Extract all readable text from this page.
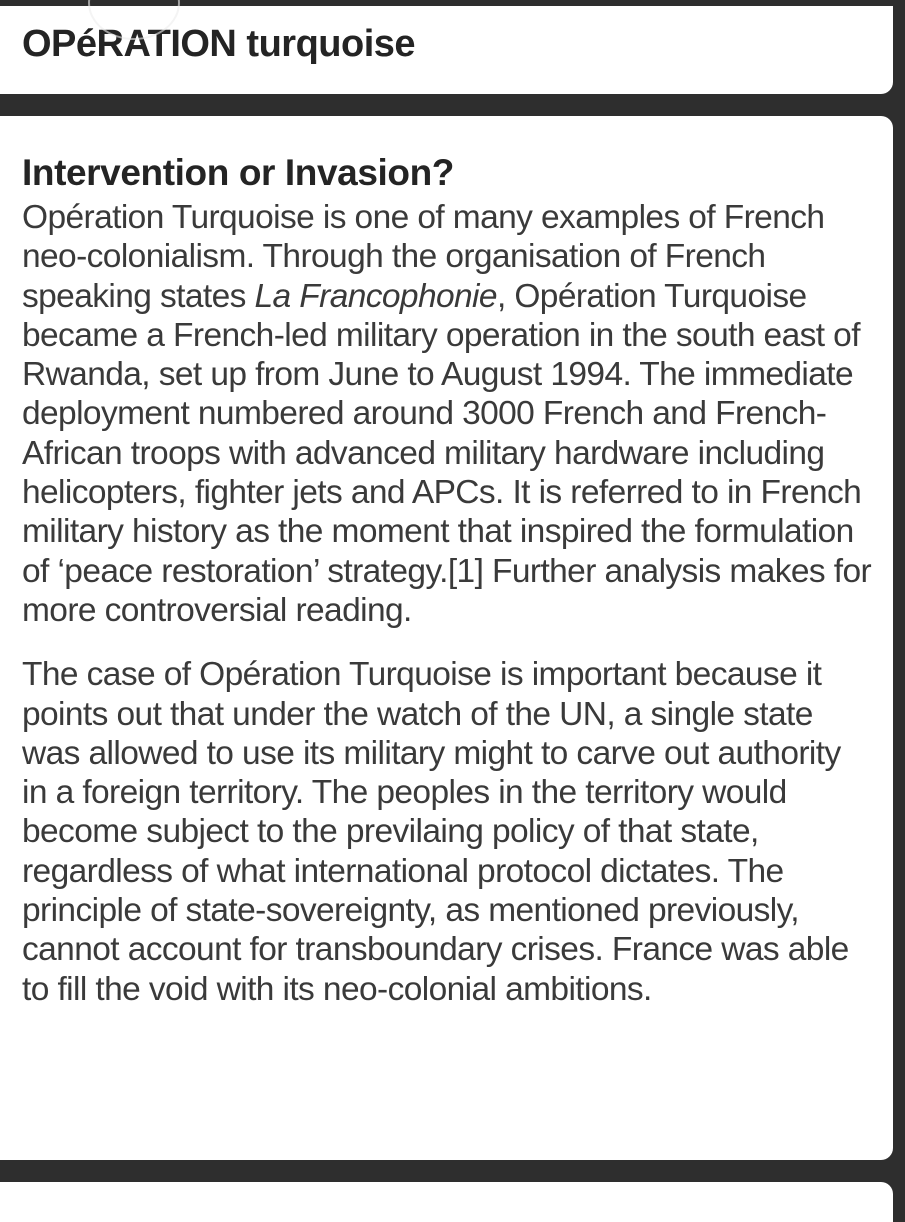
OPéRATION turquoise
Intervention or Invasion?

Opération Turquoise is one of many examples of French neo-colonialism. Through the organisation of French speaking states La Francophonie, Opération Turquoise became a French-led military operation in the south east of Rwanda, set up from June to August 1994. The immediate deployment numbered around 3000 French and French-African troops with advanced military hardware including helicopters, fighter jets and APCs. It is referred to in French military history as the moment that inspired the formulation of ‘peace restoration’ strategy.[1] Further analysis makes for more controversial reading.

The case of Opération Turquoise is important because it points out that under the watch of the UN, a single state was allowed to use its military might to carve out authority in a foreign territory. The peoples in the territory would become subject to the previlaing policy of that state, regardless of what international protocol dictates. The principle of state-sovereignty, as mentioned previously, cannot account for transboundary crises. France was able to fill the void with its neo-colonial ambitions.
